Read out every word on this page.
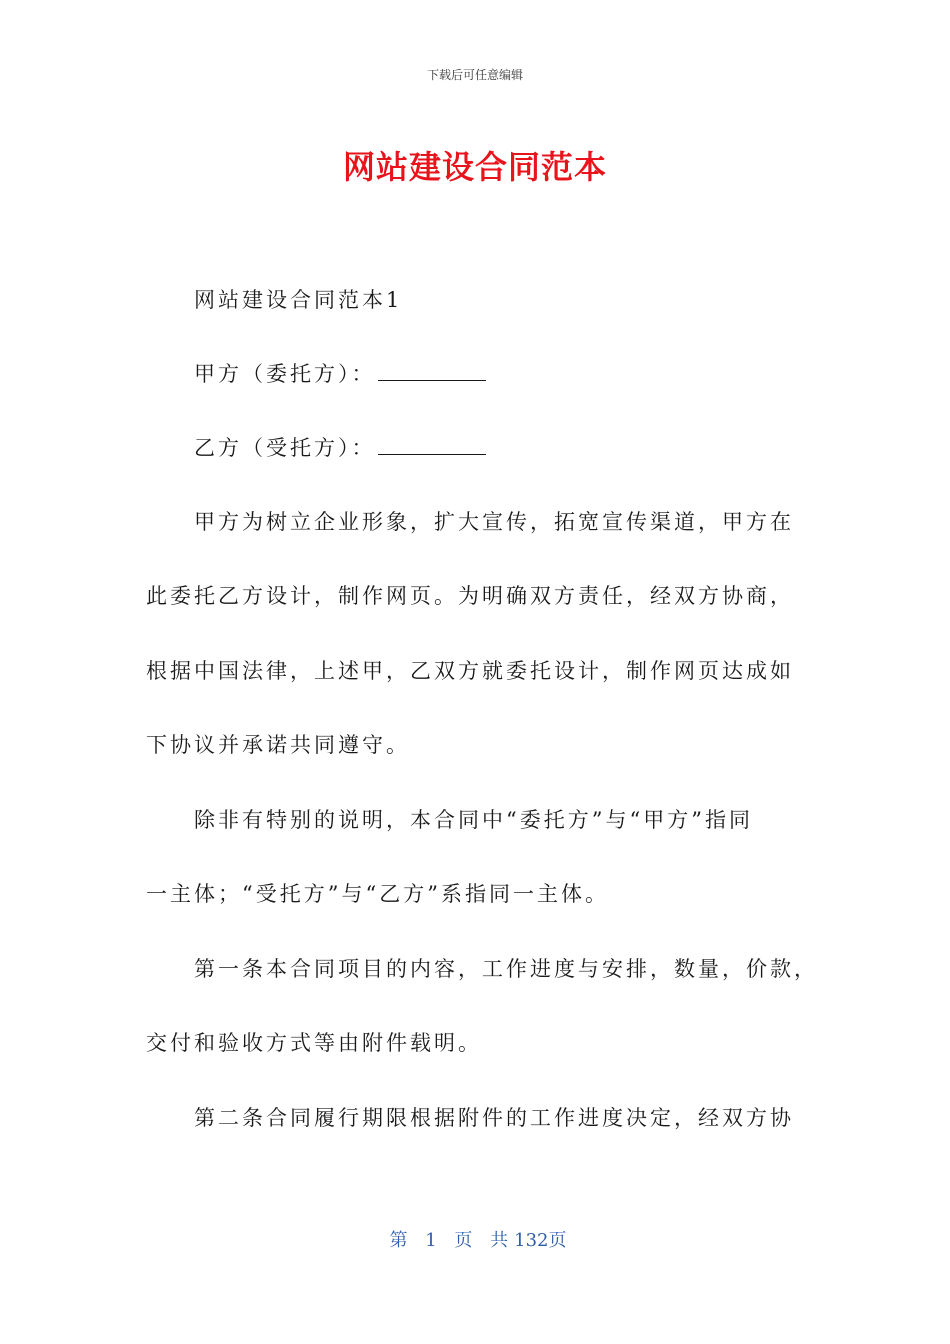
下载后可任意编辑
网站建设合同范本
网站建设合同范本1
甲方（委托方）：
乙方（受托方）：
甲方为树立企业形象，扩大宣传，拓宽宣传渠道，甲方在
此委托乙方设计，制作网页。为明确双方责任，经双方协商，
根据中国法律，上述甲，乙双方就委托设计，制作网页达成如
下协议并承诺共同遵守。
除非有特别的说明，本合同中“委托方”与“甲方”指同
一主体；“受托方”与“乙方”系指同一主体。
第一条本合同项目的内容，工作进度与安排，数量，价款，
交付和验收方式等由附件载明。
第二条合同履行期限根据附件的工作进度决定，经双方协
第 1 页 共 132页
